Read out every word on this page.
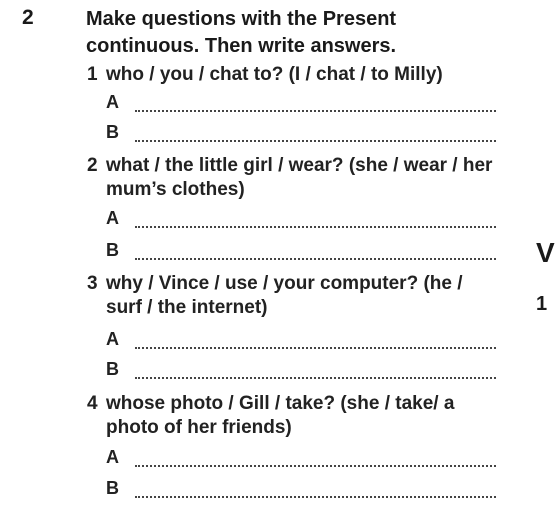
2	Make questions with the Present continuous. Then write answers.
1 who / you / chat to? (I / chat / to Milly)
A
B
2 what / the little girl / wear? (she / wear / her mum’s clothes)
A
B
3 why / Vince / use / your computer? (he / surf / the internet)
A
B
4 whose photo / Gill / take? (she / take/ a photo of her friends)
A
B
V
1
